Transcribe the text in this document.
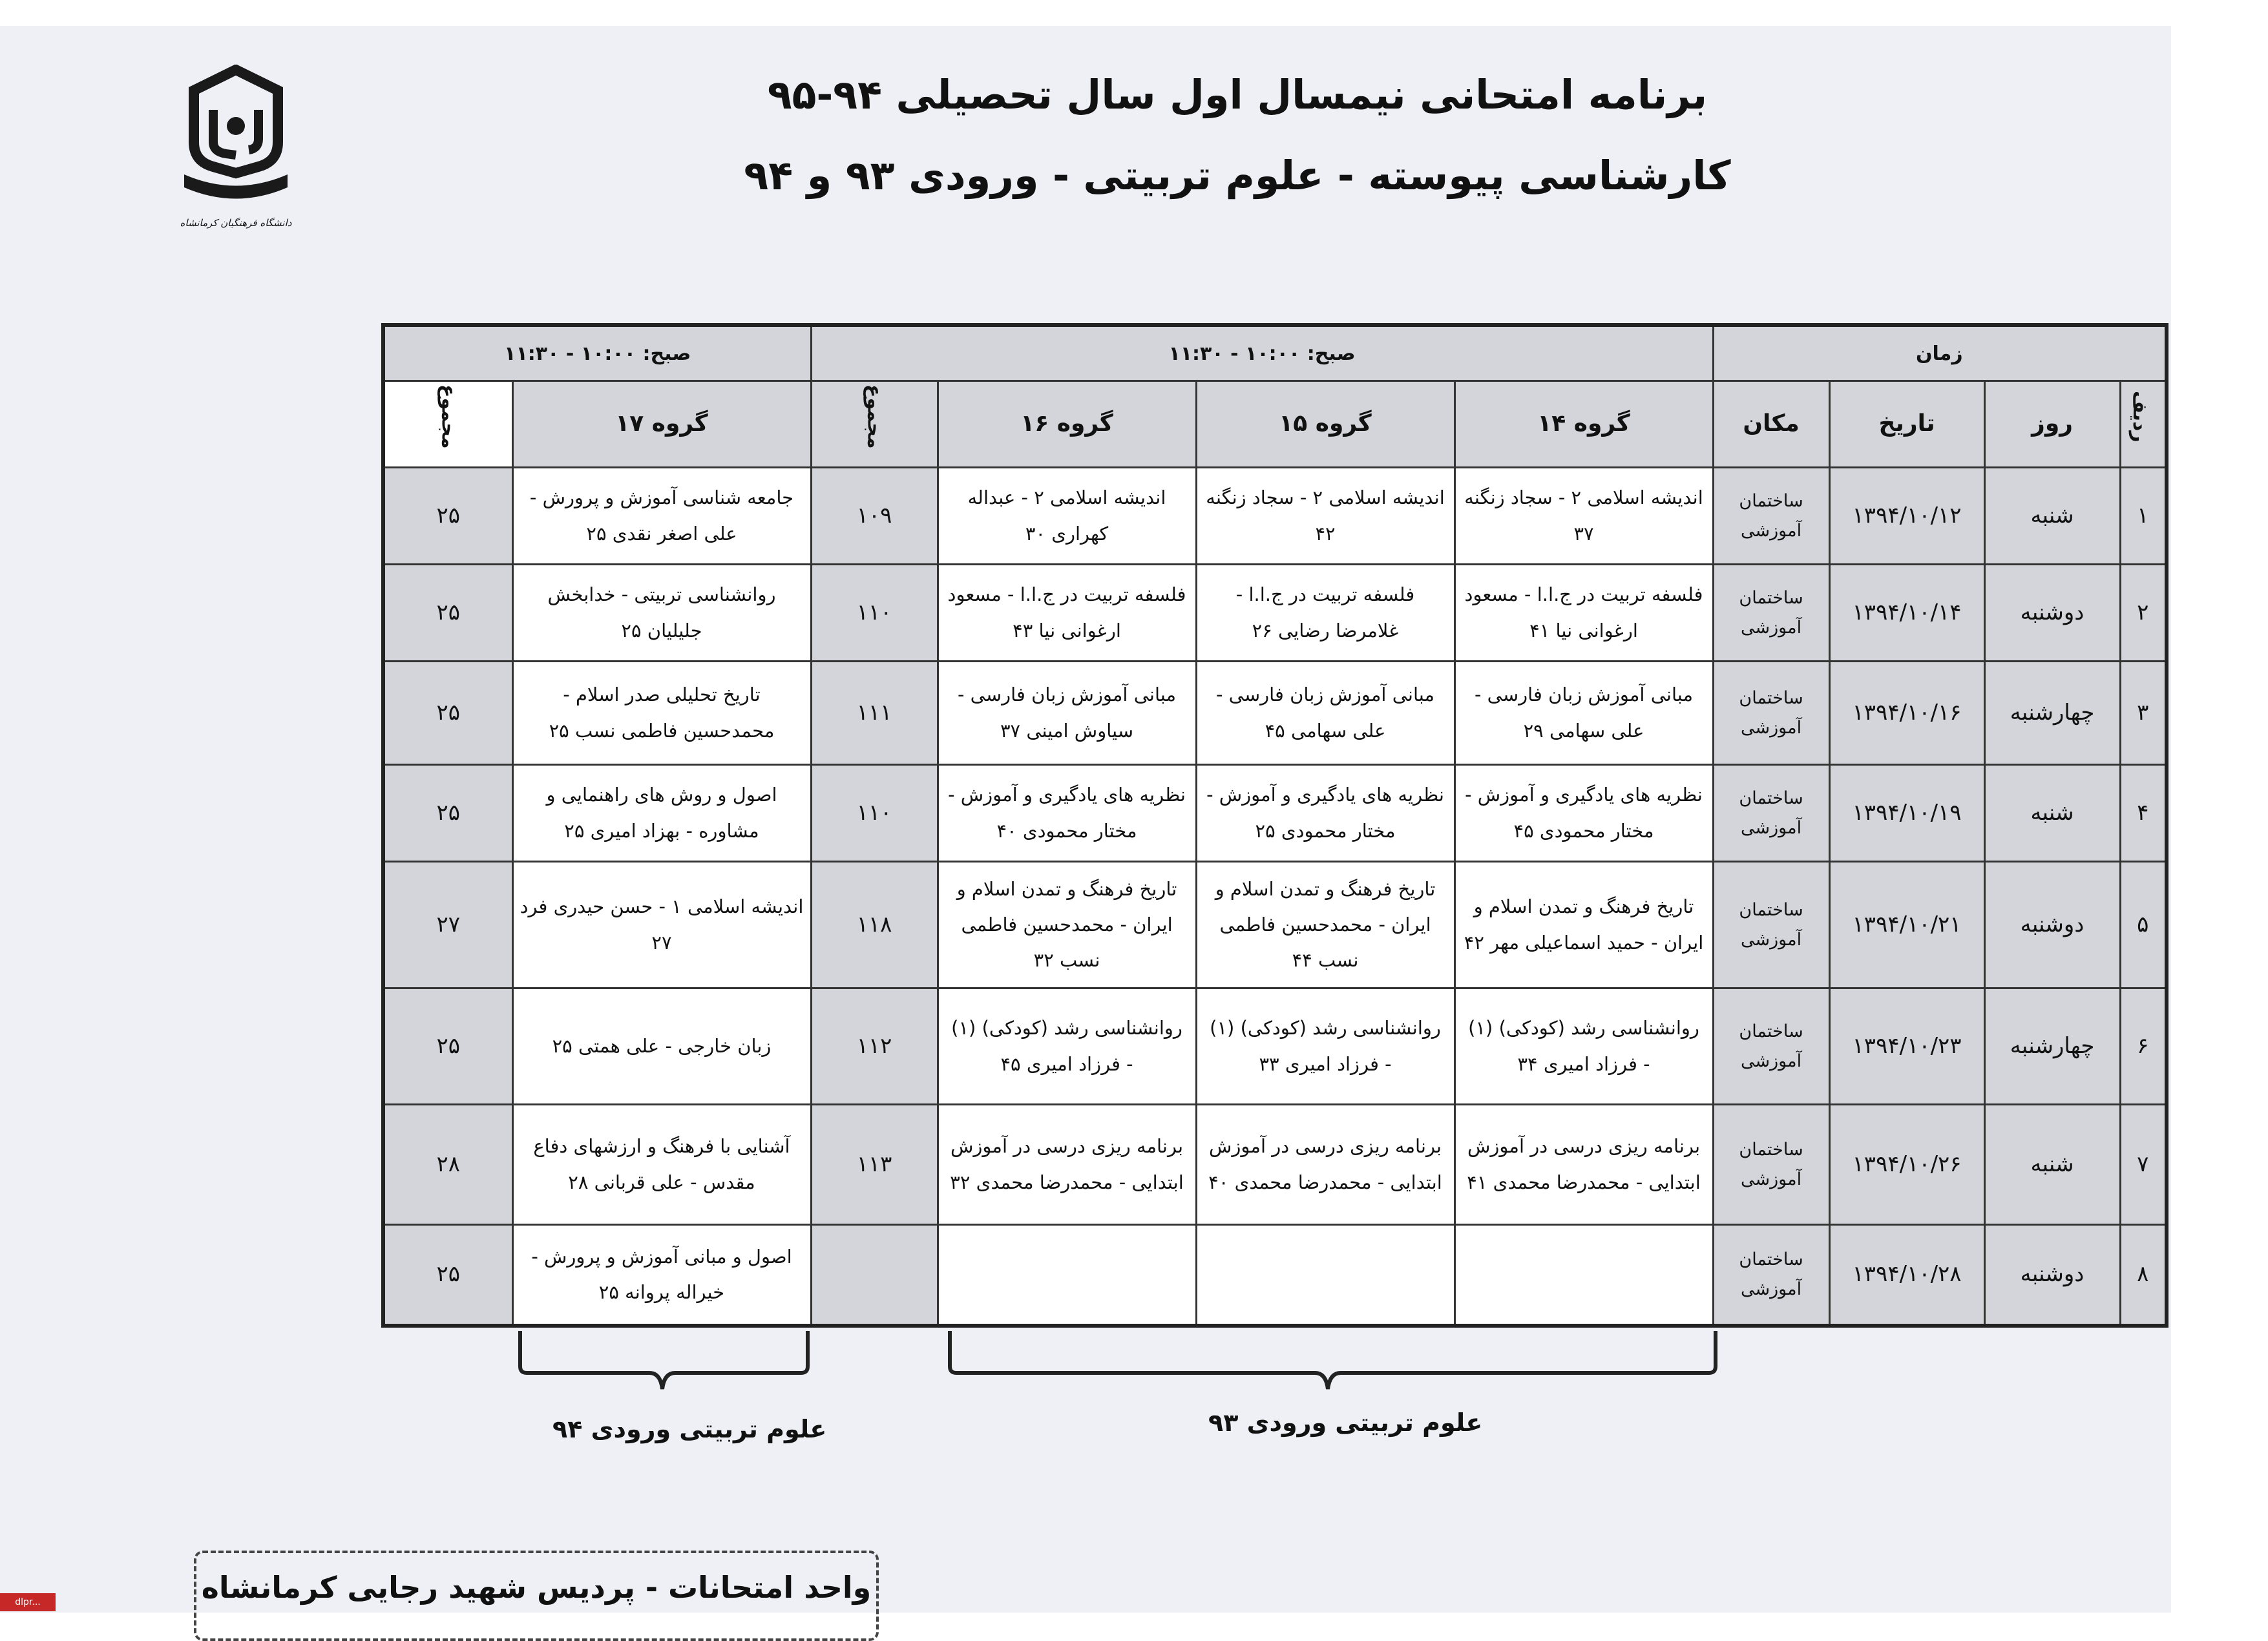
دانشگاه فرهنگیان کرمانشاه
برنامه امتحانی نیمسال اول سال تحصیلی ۹۴-۹۵
کارشناسی پیوسته - علوم تربیتی - ورودی ۹۳ و ۹۴
زمان				صبح: ۱۰:۰۰ - ۱۱:۳۰				صبح: ۱۰:۰۰ - ۱۱:۳۰	
ردیف	روز	تاریخ	مکان	گروه ۱۴	گروه ۱۵	گروه ۱۶	مجموع	گروه ۱۷	مجموع
۱	شنبه	۱۳۹۴/۱۰/۱۲	ساختمان آموزشی	اندیشه اسلامی ۲ - سجاد زنگنه ۳۷	اندیشه اسلامی ۲ - سجاد زنگنه ۴۲	اندیشه اسلامی ۲ - عبداله کهراری ۳۰	۱۰۹	جامعه شناسی آموزش و پرورش - علی اصغر نقدی ۲۵	۲۵
۲	دوشنبه	۱۳۹۴/۱۰/۱۴	ساختمان آموزشی	فلسفه تربیت در ج.ا.ا - مسعود ارغوانی نیا ۴۱	فلسفه تربیت در ج.ا.ا - غلامرضا رضایی ۲۶	فلسفه تربیت در ج.ا.ا - مسعود ارغوانی نیا ۴۳	۱۱۰	روانشناسی تربیتی - خدابخش جلیلیان ۲۵	۲۵
۳	چهارشنبه	۱۳۹۴/۱۰/۱۶	ساختمان آموزشی	مبانی آموزش زبان فارسی - علی سهامی ۲۹	مبانی آموزش زبان فارسی - علی سهامی ۴۵	مبانی آموزش زبان فارسی - سیاوش امینی ۳۷	۱۱۱	تاریخ تحلیلی صدر اسلام - محمدحسین فاطمی نسب ۲۵	۲۵
۴	شنبه	۱۳۹۴/۱۰/۱۹	ساختمان آموزشی	نظریه های یادگیری و آموزش - مختار محمودی ۴۵	نظریه های یادگیری و آموزش - مختار محمودی ۲۵	نظریه های یادگیری و آموزش - مختار محمودی ۴۰	۱۱۰	اصول و روش های راهنمایی و مشاوره - بهزاد امیری ۲۵	۲۵
۵	دوشنبه	۱۳۹۴/۱۰/۲۱	ساختمان آموزشی	تاریخ فرهنگ و تمدن اسلام و ایران - حمید اسماعیلی مهر ۴۲	تاریخ فرهنگ و تمدن اسلام و ایران - محمدحسین فاطمی نسب ۴۴	تاریخ فرهنگ و تمدن اسلام و ایران - محمدحسین فاطمی نسب ۳۲	۱۱۸	اندیشه اسلامی ۱ - حسن حیدری فرد ۲۷	۲۷
۶	چهارشنبه	۱۳۹۴/۱۰/۲۳	ساختمان آموزشی	روانشناسی رشد (کودکی) (۱) - فرزاد امیری ۳۴	روانشناسی رشد (کودکی) (۱) - فرزاد امیری ۳۳	روانشناسی رشد (کودکی) (۱) - فرزاد امیری ۴۵	۱۱۲	زبان خارجی - علی همتی ۲۵	۲۵
۷	شنبه	۱۳۹۴/۱۰/۲۶	ساختمان آموزشی	برنامه ریزی درسی در آموزش ابتدایی - محمدرضا محمدی ۴۱	برنامه ریزی درسی در آموزش ابتدایی - محمدرضا محمدی ۴۰	برنامه ریزی درسی در آموزش ابتدایی - محمدرضا محمدی ۳۲	۱۱۳	آشنایی با فرهنگ و ارزشهای دفاع مقدس - علی قربانی ۲۸	۲۸
۸	دوشنبه	۱۳۹۴/۱۰/۲۸	ساختمان آموزشی					اصول و مبانی آموزش و پرورش - خیراله پروانه ۲۵	۲۵
علوم تربیتی ورودی ۹۴	علوم تربیتی ورودی ۹۳
واحد امتحانات - پردیس شهید رجایی کرمانشاه
dlpr...
